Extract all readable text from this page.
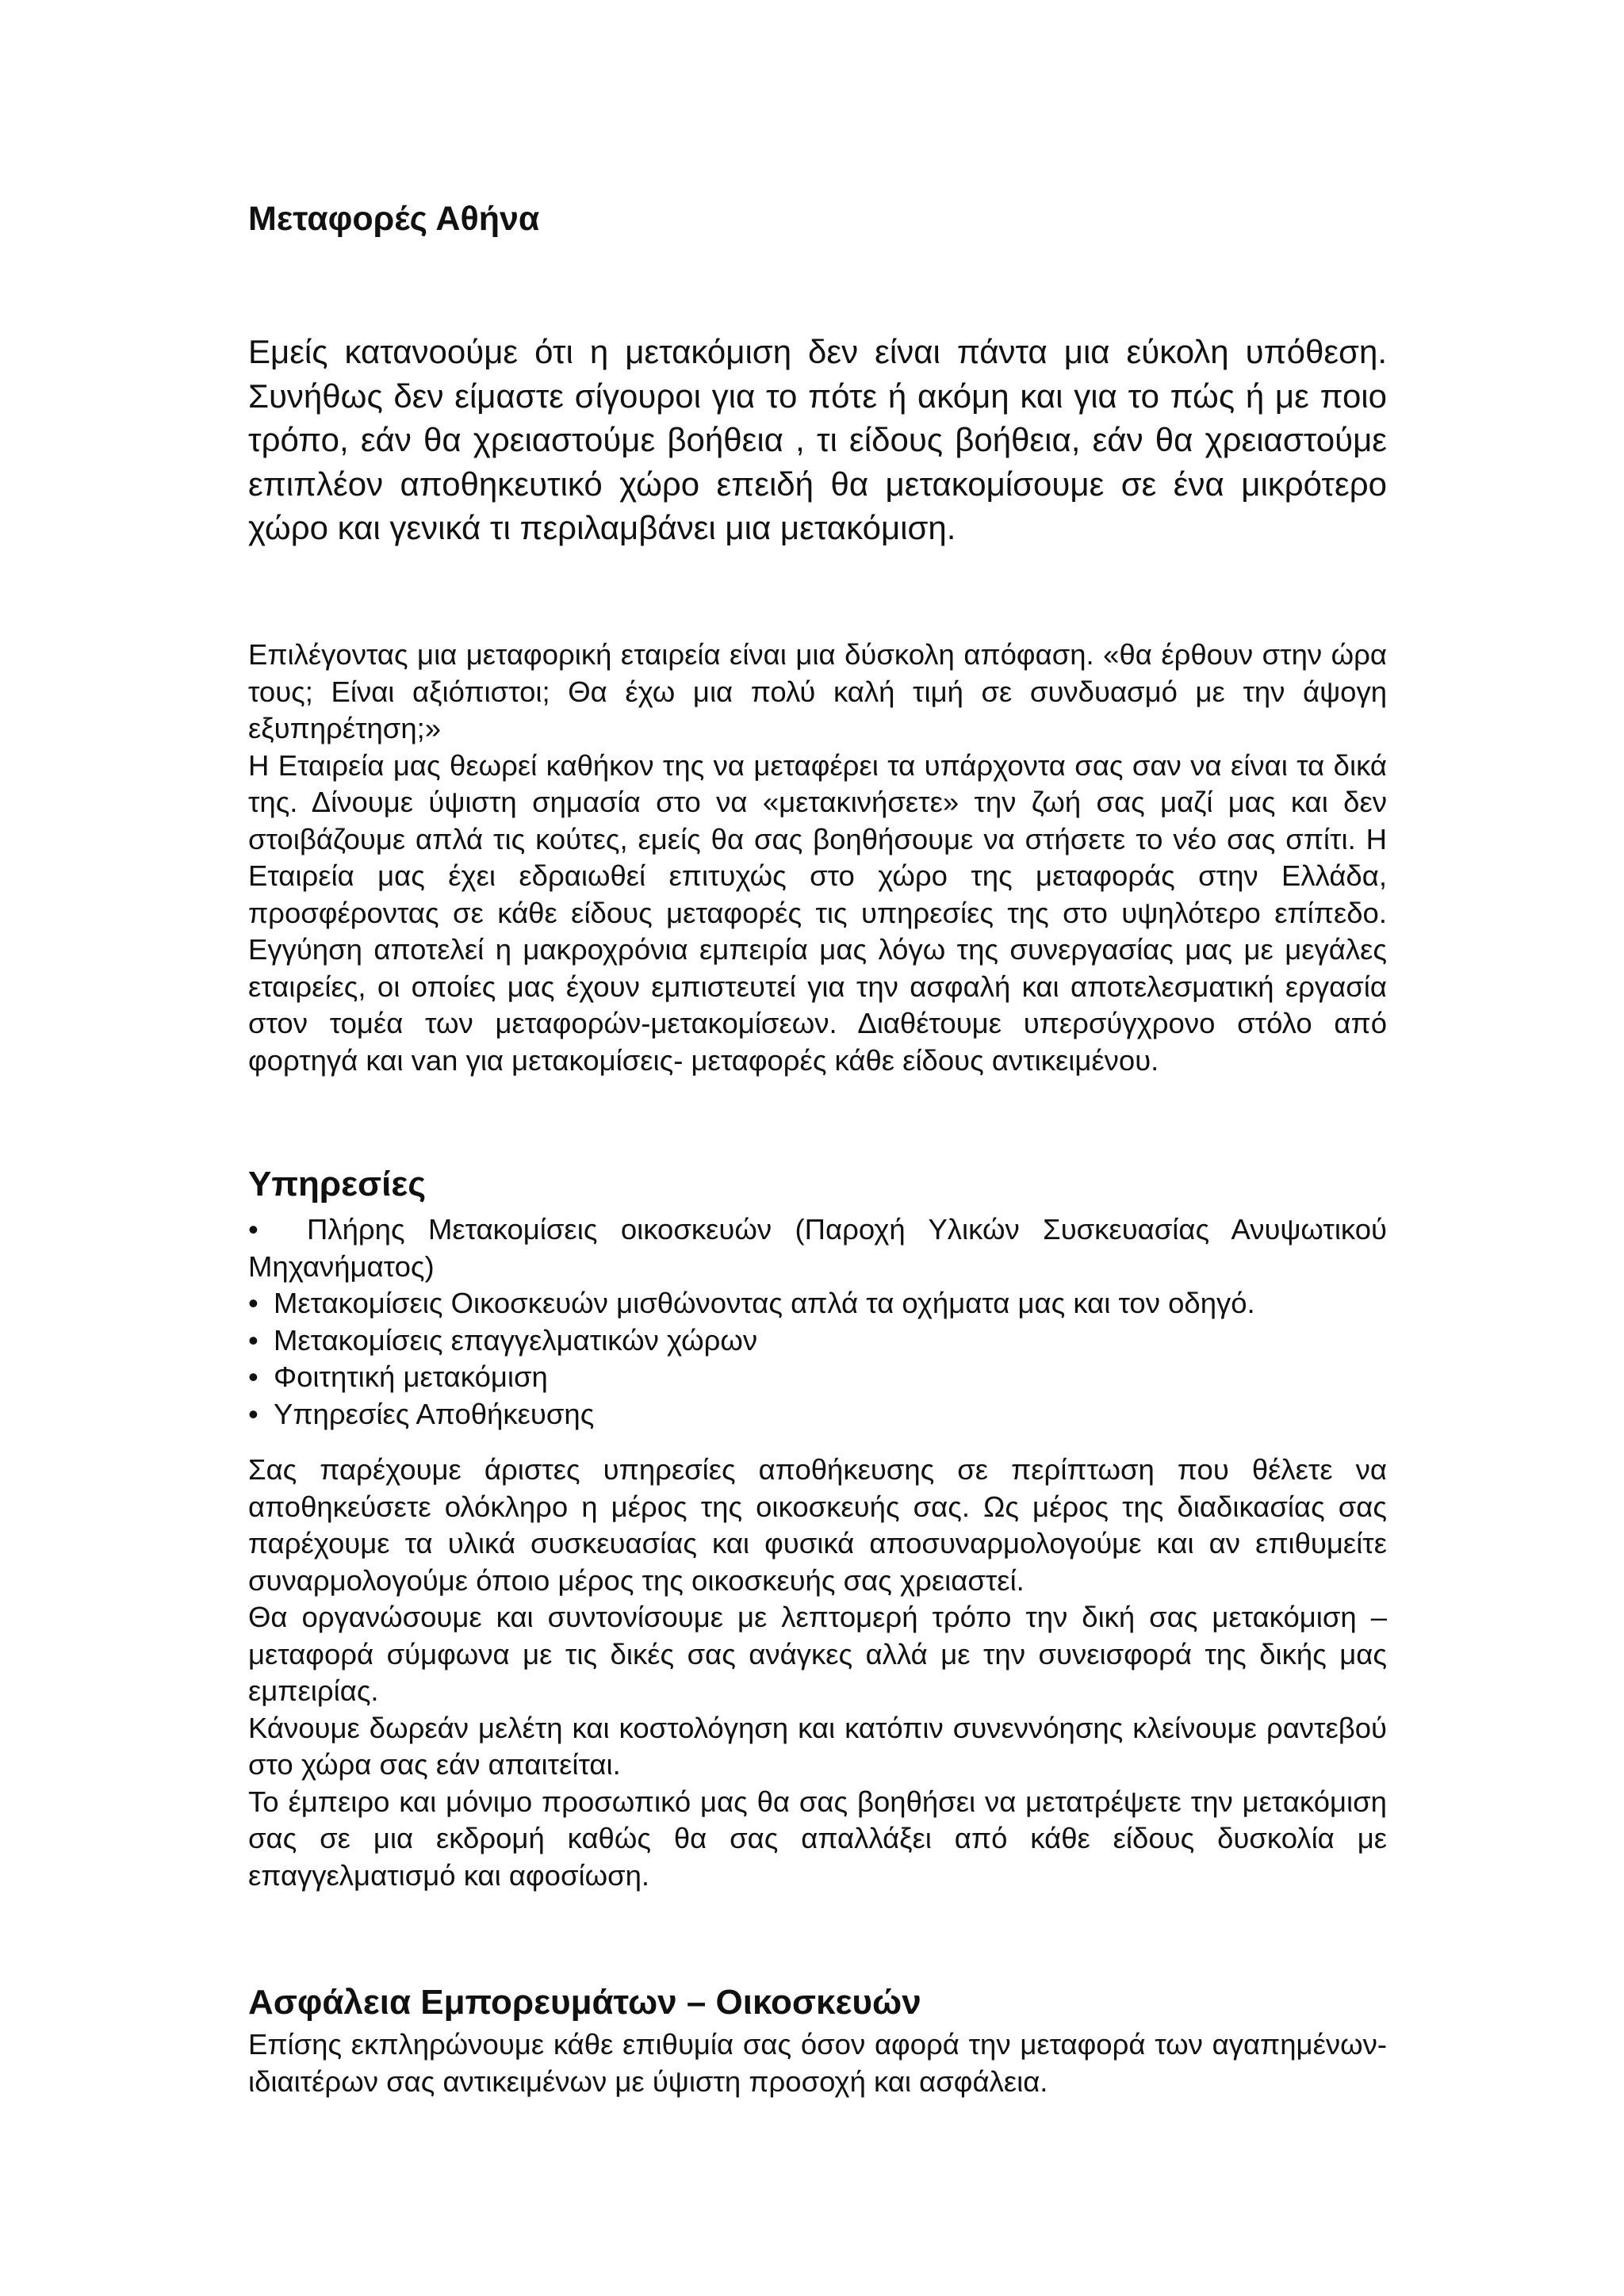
Μεταφορές Αθήνα

Εμείς κατανοούμε ότι η μετακόμιση δεν είναι πάντα μια εύκολη υπόθεση. Συνήθως δεν είμαστε σίγουροι για το πότε ή ακόμη και για το πώς ή με ποιο τρόπο, εάν θα χρειαστούμε βοήθεια , τι είδους βοήθεια, εάν θα χρειαστούμε επιπλέον αποθηκευτικό χώρο επειδή θα μετακομίσουμε σε ένα μικρότερο χώρο και γενικά τι περιλαμβάνει μια μετακόμιση.

Επιλέγοντας μια μεταφορική εταιρεία είναι μια δύσκολη απόφαση. «θα έρθουν στην ώρα τους; Είναι αξιόπιστοι; Θα έχω μια πολύ καλή τιμή σε συνδυασμό με την άψογη εξυπηρέτηση;»

Η Εταιρεία μας θεωρεί καθήκον της να μεταφέρει τα υπάρχοντα σας σαν να είναι τα δικά της. Δίνουμε ύψιστη σημασία στο να «μετακινήσετε» την ζωή σας μαζί μας και δεν στοιβάζουμε απλά τις κούτες, εμείς θα σας βοηθήσουμε να στήσετε το νέο σας σπίτι. Η Εταιρεία μας έχει εδραιωθεί επιτυχώς στο χώρο της μεταφοράς στην Ελλάδα, προσφέροντας σε κάθε είδους μεταφορές τις υπηρεσίες της στο υψηλότερο επίπεδο. Εγγύηση αποτελεί η μακροχρόνια εμπειρία μας λόγω της συνεργασίας μας με μεγάλες εταιρείες, οι οποίες μας έχουν εμπιστευτεί για την ασφαλή και αποτελεσματική εργασία στον τομέα των μεταφορών-μετακομίσεων. Διαθέτουμε υπερσύγχρονο στόλο από φορτηγά και van για μετακομίσεις- μεταφορές κάθε είδους αντικειμένου.

Υπηρεσίες
• Πλήρης Μετακομίσεις οικοσκευών (Παροχή Υλικών Συσκευασίας Ανυψωτικού Μηχανήματος)
• Μετακομίσεις Οικοσκευών μισθώνοντας απλά τα οχήματα μας και τον οδηγό.
• Μετακομίσεις επαγγελματικών χώρων
• Φοιτητική μετακόμιση
• Υπηρεσίες Αποθήκευσης

Σας παρέχουμε άριστες υπηρεσίες αποθήκευσης σε περίπτωση που θέλετε να αποθηκεύσετε ολόκληρο η μέρος της οικοσκευής σας. Ως μέρος της διαδικασίας σας παρέχουμε τα υλικά συσκευασίας και φυσικά αποσυναρμολογούμε και αν επιθυμείτε συναρμολογούμε όποιο μέρος της οικοσκευής σας χρειαστεί.

Θα οργανώσουμε και συντονίσουμε με λεπτομερή τρόπο την δική σας μετακόμιση – μεταφορά σύμφωνα με τις δικές σας ανάγκες αλλά με την συνεισφορά της δικής μας εμπειρίας.

Κάνουμε δωρεάν μελέτη και κοστολόγηση και κατόπιν συνεννόησης κλείνουμε ραντεβού στο χώρα σας εάν απαιτείται.

Το έμπειρο και μόνιμο προσωπικό μας θα σας βοηθήσει να μετατρέψετε την μετακόμιση σας σε μια εκδρομή καθώς θα σας απαλλάξει από κάθε είδους δυσκολία με επαγγελματισμό και αφοσίωση.

Ασφάλεια Εμπορευμάτων – Οικοσκευών

Επίσης εκπληρώνουμε κάθε επιθυμία σας όσον αφορά την μεταφορά των αγαπημένων- ιδιαιτέρων σας αντικειμένων με ύψιστη προσοχή και ασφάλεια.
